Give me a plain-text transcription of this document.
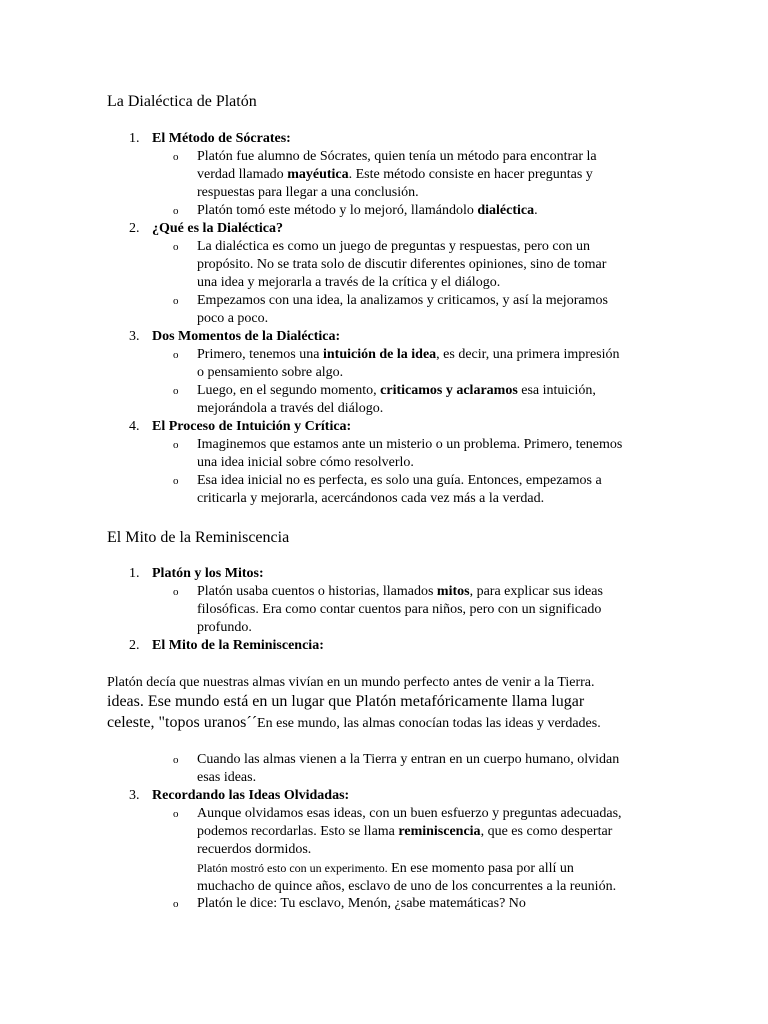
La Dialéctica de Platón
1. El Método de Sócrates:
o Platón fue alumno de Sócrates, quien tenía un método para encontrar la
verdad llamado mayéutica. Este método consiste en hacer preguntas y
respuestas para llegar a una conclusión.
o Platón tomó este método y lo mejoró, llamándolo dialéctica.
2. ¿Qué es la Dialéctica?
o La dialéctica es como un juego de preguntas y respuestas, pero con un
propósito. No se trata solo de discutir diferentes opiniones, sino de tomar
una idea y mejorarla a través de la crítica y el diálogo.
o Empezamos con una idea, la analizamos y criticamos, y así la mejoramos
poco a poco.
3. Dos Momentos de la Dialéctica:
o Primero, tenemos una intuición de la idea, es decir, una primera impresión
o pensamiento sobre algo.
o Luego, en el segundo momento, criticamos y aclaramos esa intuición,
mejorándola a través del diálogo.
4. El Proceso de Intuición y Crítica:
o Imaginemos que estamos ante un misterio o un problema. Primero, tenemos
una idea inicial sobre cómo resolverlo.
o Esa idea inicial no es perfecta, es solo una guía. Entonces, empezamos a
criticarla y mejorarla, acercándonos cada vez más a la verdad.
El Mito de la Reminiscencia
1. Platón y los Mitos:
o Platón usaba cuentos o historias, llamados mitos, para explicar sus ideas
filosóficas. Era como contar cuentos para niños, pero con un significado
profundo.
2. El Mito de la Reminiscencia:
Platón decía que nuestras almas vivían en un mundo perfecto antes de venir a la Tierra.
ideas. Ese mundo está en un lugar que Platón metafóricamente llama lugar
celeste, "topos uranos´´En ese mundo, las almas conocían todas las ideas y verdades.
o Cuando las almas vienen a la Tierra y entran en un cuerpo humano, olvidan
esas ideas.
3. Recordando las Ideas Olvidadas:
o Aunque olvidamos esas ideas, con un buen esfuerzo y preguntas adecuadas,
podemos recordarlas. Esto se llama reminiscencia, que es como despertar
recuerdos dormidos.
Platón mostró esto con un experimento. En ese momento pasa por allí un
muchacho de quince años, esclavo de uno de los concurrentes a la reunión.
o Platón le dice: Tu esclavo, Menón, ¿sabe matemáticas? No
